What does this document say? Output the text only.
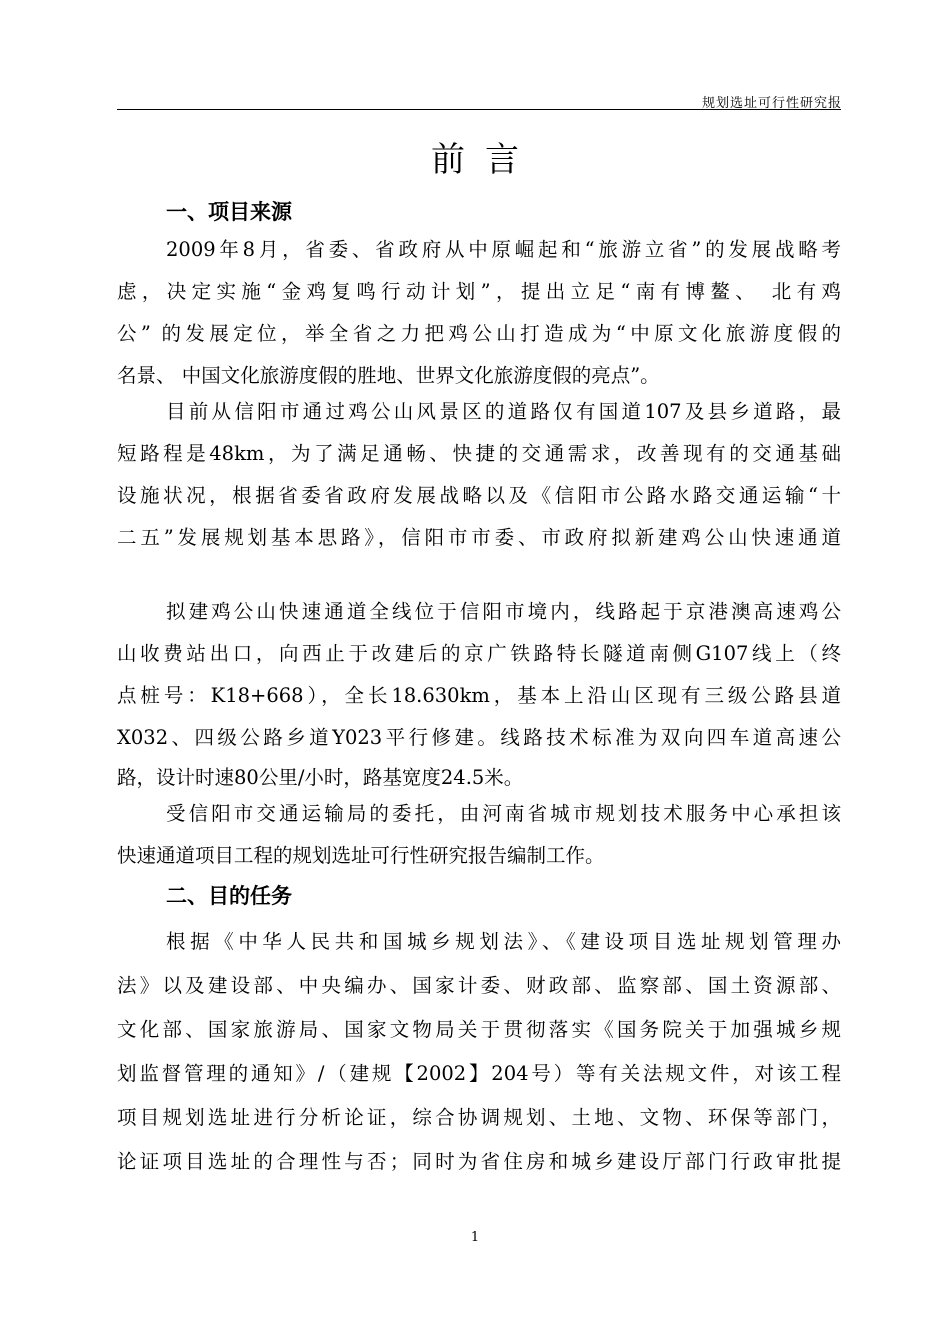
规划选址可行性研究报
前言
一、项目来源
2009年8月，省委、省政府从中原崛起和“旅游立省”的发展战略考
虑，决定实施“金鸡复鸣行动计划”，提出立足“南有博鳌、 北有鸡
公” 的发展定位，举全省之力把鸡公山打造成为“中原文化旅游度假的
名景、 中国文化旅游度假的胜地、世界文化旅游度假的亮点”。
目前从信阳市通过鸡公山风景区的道路仅有国道107及县乡道路，最
短路程是48km，为了满足通畅、快捷的交通需求，改善现有的交通基础
设施状况，根据省委省政府发展战略以及《信阳市公路水路交通运输“十
二五”发展规划基本思路》，信阳市市委、市政府拟新建鸡公山快速通道
拟建鸡公山快速通道全线位于信阳市境内，线路起于京港澳高速鸡公
山收费站出口，向西止于改建后的京广铁路特长隧道南侧G107线上（终
点桩号：K18+668），全长18.630km，基本上沿山区现有三级公路县道
X032、四级公路乡道Y023平行修建。线路技术标准为双向四车道高速公
路，设计时速80公里/小时，路基宽度24.5米。
受信阳市交通运输局的委托，由河南省城市规划技术服务中心承担该
快速通道项目工程的规划选址可行性研究报告编制工作。
二、目的任务
根据《中华人民共和国城乡规划法》、《建设项目选址规划管理办
法》以及建设部、中央编办、国家计委、财政部、监察部、国土资源部、
文化部、国家旅游局、国家文物局关于贯彻落实《国务院关于加强城乡规
划监督管理的通知》/（建规【2002】204号）等有关法规文件，对该工程
项目规划选址进行分析论证，综合协调规划、土地、文物、环保等部门，
论证项目选址的合理性与否；同时为省住房和城乡建设厅部门行政审批提
1
